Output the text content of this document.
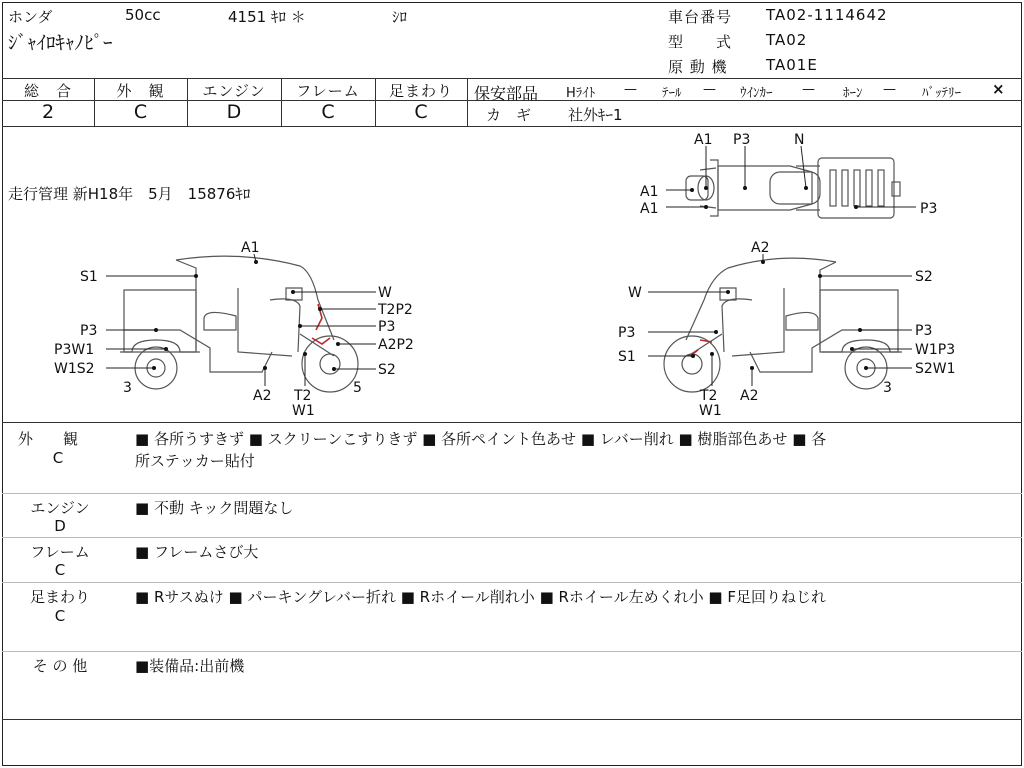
ホンダ	50cc	4151 ｷﾛ ＊	ｼﾛ
ｼﾞｬｲﾛｷｬﾉﾋﾟｰ
車台番号 TA02-1114642
型　　式 TA02
原 動 機	TA01E
総　合	外　観	エンジン	フレーム	足まわり
2	C	D	C	C
保安部品 Hﾗｲﾄ — ﾃｰﾙ — ｳｲﾝｶｰ — ﾎｰﾝ — ﾊﾞｯﾃﾘｰ ×
カ　ギ 社外ｷｰ1
走行管理 新H18年　5月　15876ｷﾛ
A1 P3	N
A1
A1	P3
A1
S1
W
T2P2
P3
P3
A2P2
P3W1
W1S2	S2
3	5
A2 T2
W1
A2
S2
W
P3	P3
W1P3
S1
S2W1
3
T2 A2
W1
外　　観
C
■ 各所うすきず ■ スクリーンこすりきず ■ 各所ペイント色あせ ■ レバー削れ ■ 樹脂部色あせ ■ 各
所ステッカー貼付
エンジン
D
■ 不動 キック問題なし
フレーム
C
■ フレームさび大
足まわり
C
■ Rサスぬけ ■ パーキングレバー折れ ■ Rホイール削れ小 ■ Rホイール左めくれ小 ■ F足回りねじれ
そ の 他	■装備品:出前機
